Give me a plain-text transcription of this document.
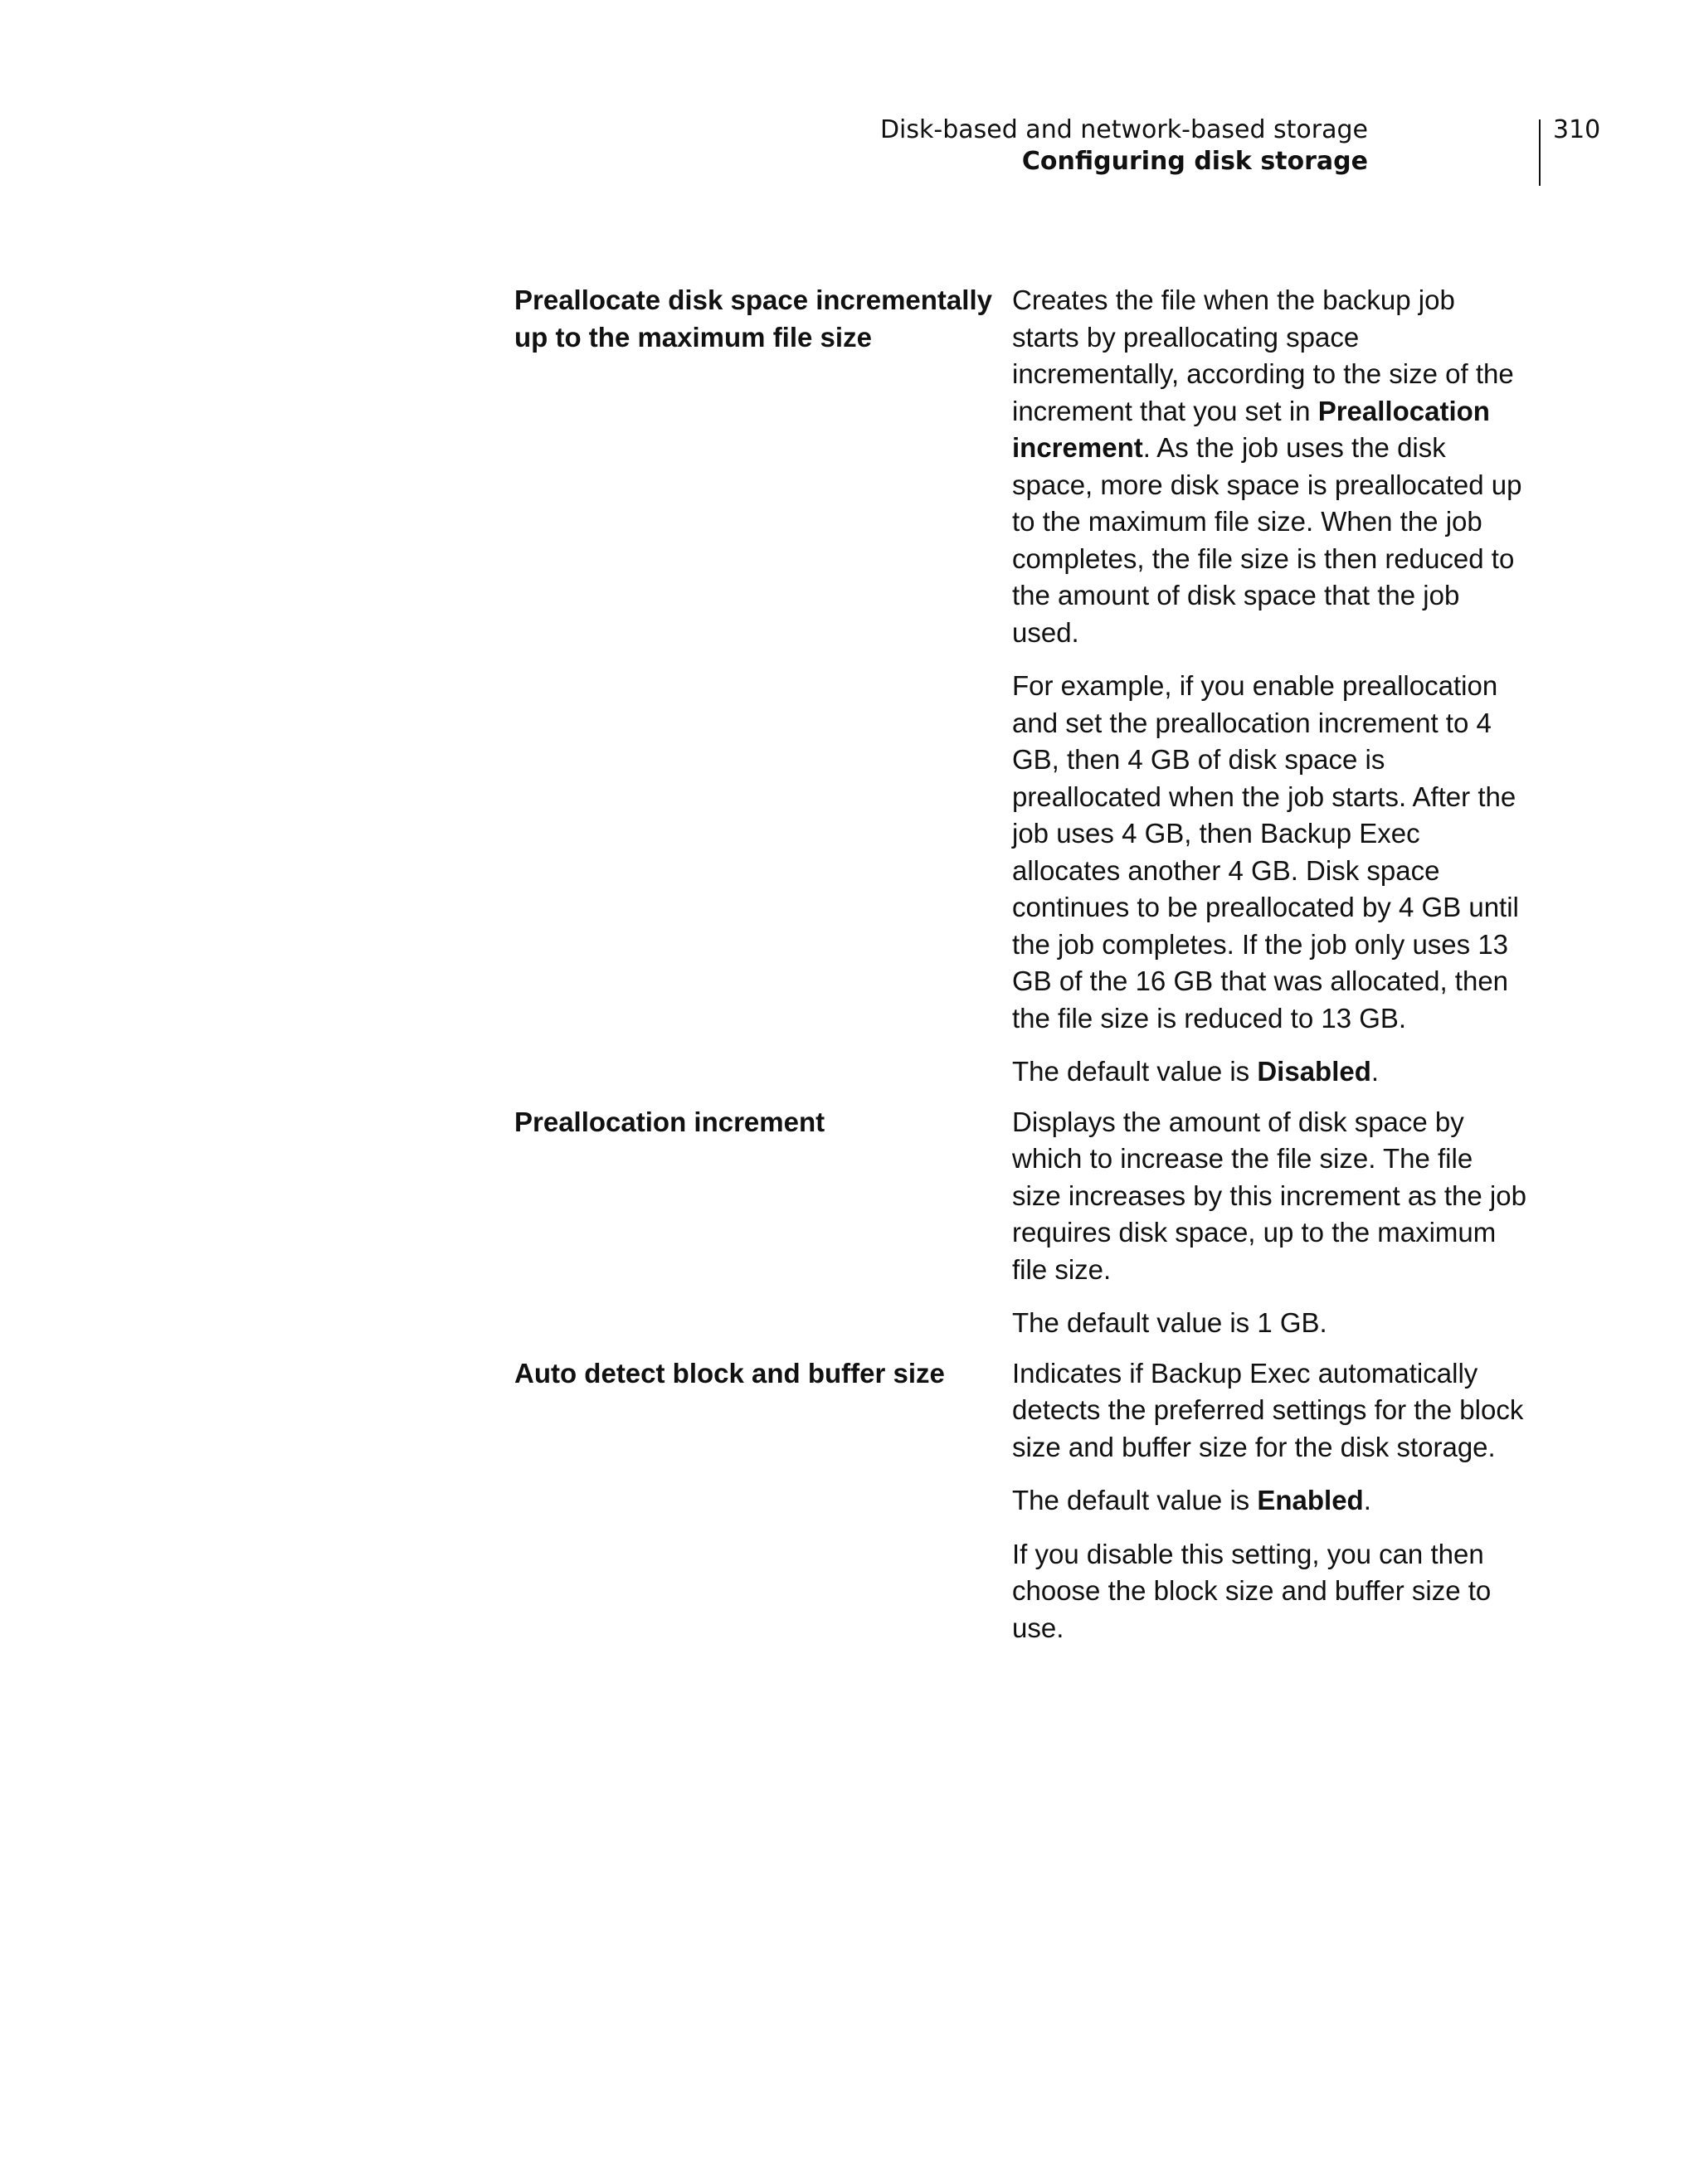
Disk-based and network-based storage
Configuring disk storage
310
Preallocate disk space incrementally up to the maximum file size

Creates the file when the backup job starts by preallocating space incrementally, according to the size of the increment that you set in Preallocation increment. As the job uses the disk space, more disk space is preallocated up to the maximum file size. When the job completes, the file size is then reduced to the amount of disk space that the job used.

For example, if you enable preallocation and set the preallocation increment to 4 GB, then 4 GB of disk space is preallocated when the job starts. After the job uses 4 GB, then Backup Exec allocates another 4 GB. Disk space continues to be preallocated by 4 GB until the job completes. If the job only uses 13 GB of the 16 GB that was allocated, then the file size is reduced to 13 GB.

The default value is Disabled.

Preallocation increment	Displays the amount of disk space by which to increase the file size. The file size increases by this increment as the job requires disk space, up to the maximum file size.

The default value is 1 GB.

Auto detect block and buffer size	Indicates if Backup Exec automatically detects the preferred settings for the block size and buffer size for the disk storage.

The default value is Enabled.

If you disable this setting, you can then choose the block size and buffer size to use.
